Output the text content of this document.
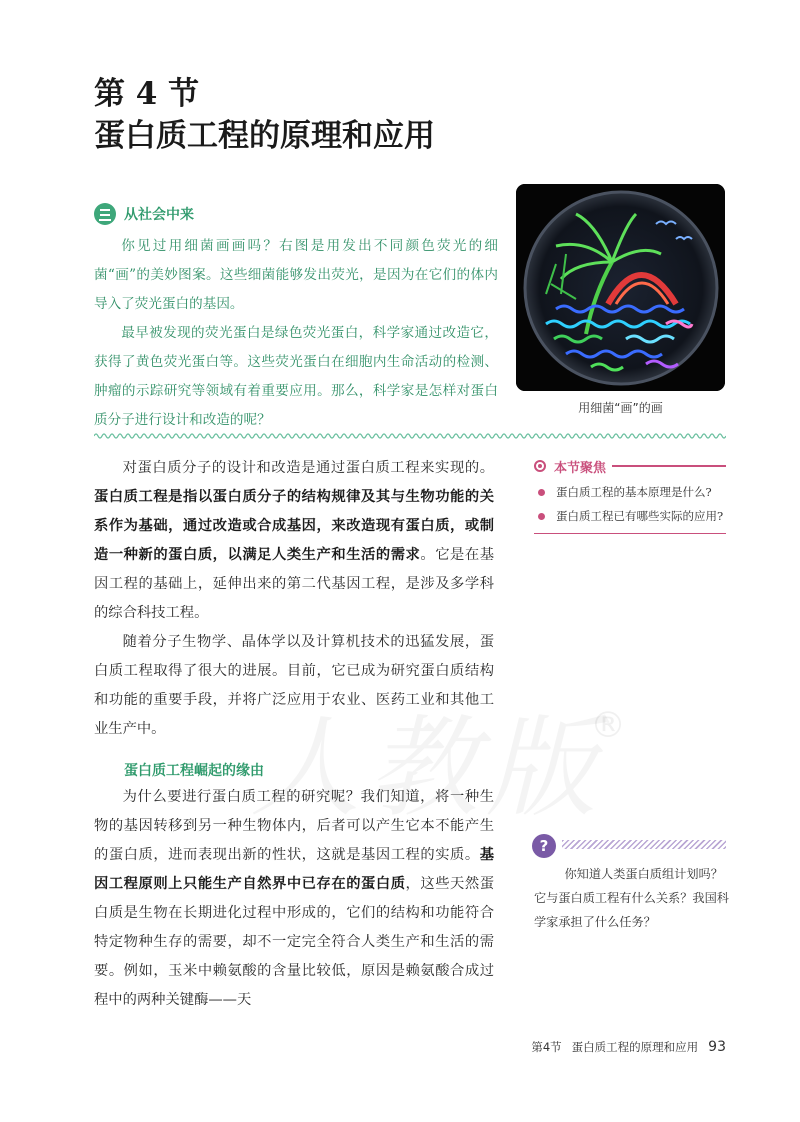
第 4 节
蛋白质工程的原理和应用
从社会中来

你见过用细菌画画吗？右图是用发出不同颜色荧光的细菌“画”的美妙图案。这些细菌能够发出荧光，是因为在它们的体内导入了荧光蛋白的基因。

最早被发现的荧光蛋白是绿色荧光蛋白，科学家通过改造它，获得了黄色荧光蛋白等。这些荧光蛋白在细胞内生命活动的检测、肿瘤的示踪研究等领域有着重要应用。那么，科学家是怎样对蛋白质分子进行设计和改造的呢？

用细菌“画”的画

对蛋白质分子的设计和改造是通过蛋白质工程来实现的。蛋白质工程是指以蛋白质分子的结构规律及其与生物功能的关系作为基础，通过改造或合成基因，来改造现有蛋白质，或制造一种新的蛋白质，以满足人类生产和生活的需求。它是在基因工程的基础上，延伸出来的第二代基因工程，是涉及多学科的综合科技工程。

随着分子生物学、晶体学以及计算机技术的迅猛发展，蛋白质工程取得了很大的进展。目前，它已成为研究蛋白质结构和功能的重要手段，并将广泛应用于农业、医药工业和其他工业生产中。

本节聚焦
蛋白质工程的基本原理是什么?
蛋白质工程已有哪些实际的应用?
®
蛋白质工程崛起的缘由

为什么要进行蛋白质工程的研究呢？我们知道，将一种生物的基因转移到另一种生物体内，后者可以产生它本不能产生的蛋白质，进而表现出新的性状，这就是基因工程的实质。基因工程原则上只能生产自然界中已存在的蛋白质，这些天然蛋白质是生物在长期进化过程中形成的，它们的结构和功能符合特定物种生存的需要，却不一定完全符合人类生产和生活的需要。例如，玉米中赖氨酸的含量比较低，原因是赖氨酸合成过程中的两种关键酶——天

?

你知道人类蛋白质组计划吗？它与蛋白质工程有什么关系？我国科学家承担了什么任务？

第4节 蛋白质工程的原理和应用 93
